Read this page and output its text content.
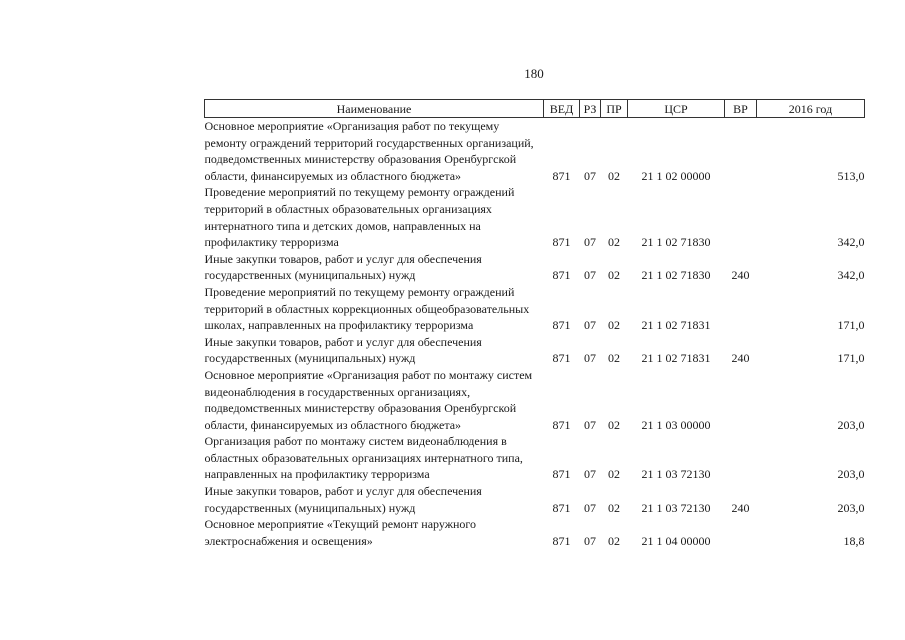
180
Наименование	ВЕД	РЗ	ПР	ЦСР	ВР	2016 год
Основное мероприятие «Организация работ по текущему ремонту ограждений территорий государственных организаций, подведомственных министерству образования Оренбургской области, финансируемых из областного бюджета»	871	07	02	21 1 02 00000		513,0
Проведение мероприятий по текущему ремонту ограждений территорий в областных образовательных организациях интернатного типа и детских домов, направленных на профилактику терроризма	871	07	02	21 1 02 71830		342,0
Иные закупки товаров, работ и услуг для обеспечения государственных (муниципальных) нужд	871	07	02	21 1 02 71830	240	342,0
Проведение мероприятий по текущему ремонту ограждений территорий в областных коррекционных общеобразовательных школах, направленных на профилактику терроризма	871	07	02	21 1 02 71831		171,0
Иные закупки товаров, работ и услуг для обеспечения государственных (муниципальных) нужд	871	07	02	21 1 02 71831	240	171,0
Основное мероприятие «Организация работ по монтажу систем видеонаблюдения в государственных организациях, подведомственных министерству образования Оренбургской области, финансируемых из областного бюджета»	871	07	02	21 1 03 00000		203,0
Организация работ по монтажу систем видеонаблюдения в областных образовательных организациях интернатного типа, направленных на профилактику терроризма	871	07	02	21 1 03 72130		203,0
Иные закупки товаров, работ и услуг для обеспечения государственных (муниципальных) нужд	871	07	02	21 1 03 72130	240	203,0
Основное мероприятие «Текущий ремонт наружного электроснабжения и освещения»	871	07	02	21 1 04 00000		18,8
